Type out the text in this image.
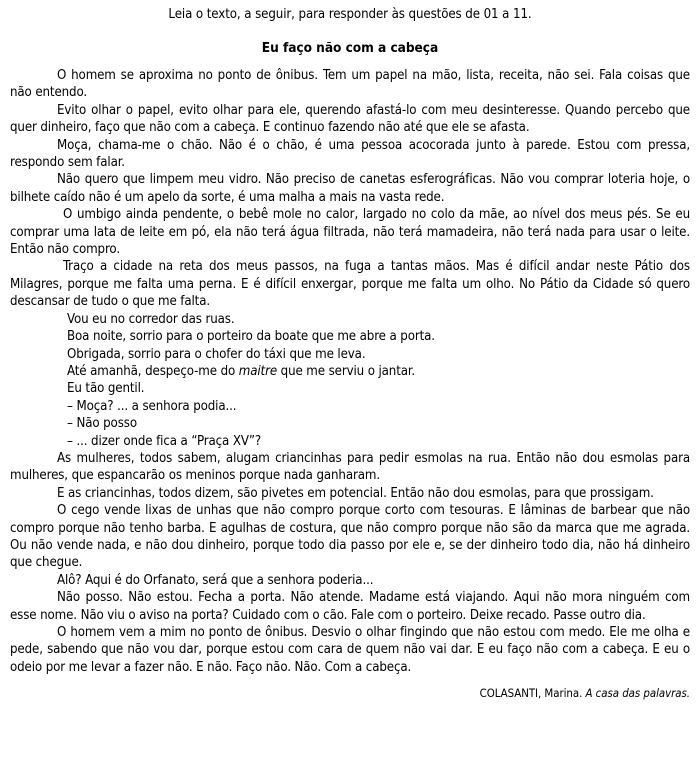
Leia o texto, a seguir, para responder às questões de 01 a 11.

Eu faço não com a cabeça

O homem se aproxima no ponto de ônibus. Tem um papel na mão, lista, receita, não sei. Fala coisas que não entendo.

Evito olhar o papel, evito olhar para ele, querendo afastá-lo com meu desinteresse. Quando percebo que quer dinheiro, faço que não com a cabeça. E continuo fazendo não até que ele se afasta.

Moça, chama-me o chão. Não é o chão, é uma pessoa acocorada junto à parede. Estou com pressa, respondo sem falar.

Não quero que limpem meu vidro. Não preciso de canetas esferográficas. Não vou comprar loteria hoje, o bilhete caído não é um apelo da sorte, é uma malha a mais na vasta rede.

O umbigo ainda pendente, o bebê mole no calor, largado no colo da mãe, ao nível dos meus pés. Se eu comprar uma lata de leite em pó, ela não terá água filtrada, não terá mamadeira, não terá nada para usar o leite. Então não compro.

Traço a cidade na reta dos meus passos, na fuga a tantas mãos. Mas é difícil andar neste Pátio dos Milagres, porque me falta uma perna. E é difícil enxergar, porque me falta um olho. No Pátio da Cidade só quero descansar de tudo o que me falta.

Vou eu no corredor das ruas.

Boa noite, sorrio para o porteiro da boate que me abre a porta.

Obrigada, sorrio para o chofer do táxi que me leva.

Até amanhã, despeço-me do maitre que me serviu o jantar.

Eu tão gentil.

– Moça? ... a senhora podia...

– Não posso

– ... dizer onde fica a “Praça XV”?

As mulheres, todos sabem, alugam criancinhas para pedir esmolas na rua. Então não dou esmolas para mulheres, que espancarão os meninos porque nada ganharam.

E as criancinhas, todos dizem, são pivetes em potencial. Então não dou esmolas, para que prossigam.

O cego vende lixas de unhas que não compro porque corto com tesouras. E lâminas de barbear que não compro porque não tenho barba. E agulhas de costura, que não compro porque não são da marca que me agrada. Ou não vende nada, e não dou dinheiro, porque todo dia passo por ele e, se der dinheiro todo dia, não há dinheiro que chegue.

Alô? Aqui é do Orfanato, será que a senhora poderia...

Não posso. Não estou. Fecha a porta. Não atende. Madame está viajando. Aqui não mora ninguém com esse nome. Não viu o aviso na porta? Cuidado com o cão. Fale com o porteiro. Deixe recado. Passe outro dia.

O homem vem a mim no ponto de ônibus. Desvio o olhar fingindo que não estou com medo. Ele me olha e pede, sabendo que não vou dar, porque estou com cara de quem não vai dar. E eu faço não com a cabeça. E eu o odeio por me levar a fazer não. E não. Faço não. Não. Com a cabeça.

COLASANTI, Marina. A casa das palavras.
